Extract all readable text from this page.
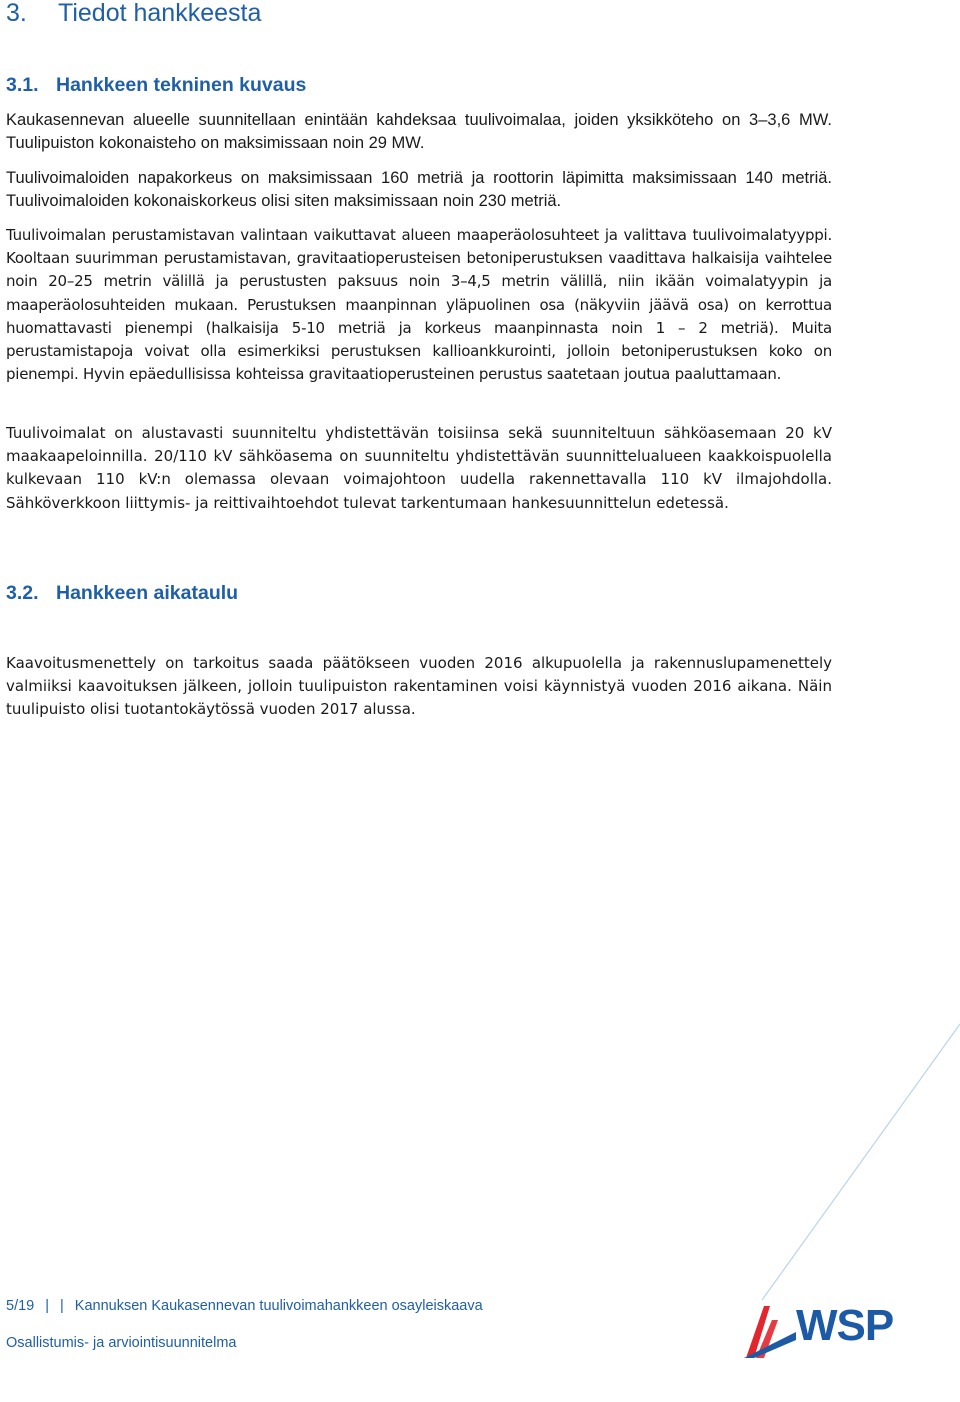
3. Tiedot hankkeesta
3.1. Hankkeen tekninen kuvaus

Kaukasennevan alueelle suunnitellaan enintään kahdeksaa tuulivoimalaa, joiden yksikköteho on 3–3,6 MW. Tuulipuiston kokonaisteho on maksimissaan noin 29 MW.

Tuulivoimaloiden napakorkeus on maksimissaan 160 metriä ja roottorin läpimitta maksimissaan 140 metriä. Tuulivoimaloiden kokonaiskorkeus olisi siten maksimissaan noin 230 metriä.

Tuulivoimalan perustamistavan valintaan vaikuttavat alueen maaperäolosuhteet ja valittava tuulivoimalatyyppi. Kooltaan suurimman perustamistavan, gravitaatioperusteisen betoniperustuksen vaadittava halkaisija vaihtelee noin 20–25 metrin välillä ja perustusten paksuus noin 3–4,5 metrin välillä, niin ikään voimalatyypin ja maaperäolosuhteiden mukaan. Perustuksen maanpinnan yläpuolinen osa (näkyviin jäävä osa) on kerrottua huomattavasti pienempi (halkaisija 5-10 metriä ja korkeus maanpinnasta noin 1 – 2 metriä). Muita perustamistapoja voivat olla esimerkiksi perustuksen kallioankkurointi, jolloin betoniperustuksen koko on pienempi. Hyvin epäedullisissa kohteissa gravitaatioperusteinen perustus saatetaan joutua paaluttamaan.

Tuulivoimalat on alustavasti suunniteltu yhdistettävän toisiinsa sekä suunniteltuun sähköasemaan 20 kV maakaapeloinnilla. 20/110 kV sähköasema on suunniteltu yhdistettävän suunnittelualueen kaakkoispuolella kulkevaan 110 kV:n olemassa olevaan voimajohtoon uudella rakennettavalla 110 kV ilmajohdolla. Sähköverkkoon liittymis- ja reittivaihtoehdot tulevat tarkentumaan hankesuunnittelun edetessä.

3.2. Hankkeen aikataulu

Kaavoitusmenettely on tarkoitus saada päätökseen vuoden 2016 alkupuolella ja rakennuslupamenettely valmiiksi kaavoituksen jälkeen, jolloin tuulipuiston rakentaminen voisi käynnistyä vuoden 2016 aikana. Näin tuulipuisto olisi tuotantokäytössä vuoden 2017 alussa.

5/19 | | Kannuksen Kaukasennevan tuulivoimahankkeen osayleiskaava
Osallistumis- ja arviointisuunnitelma	WSP
